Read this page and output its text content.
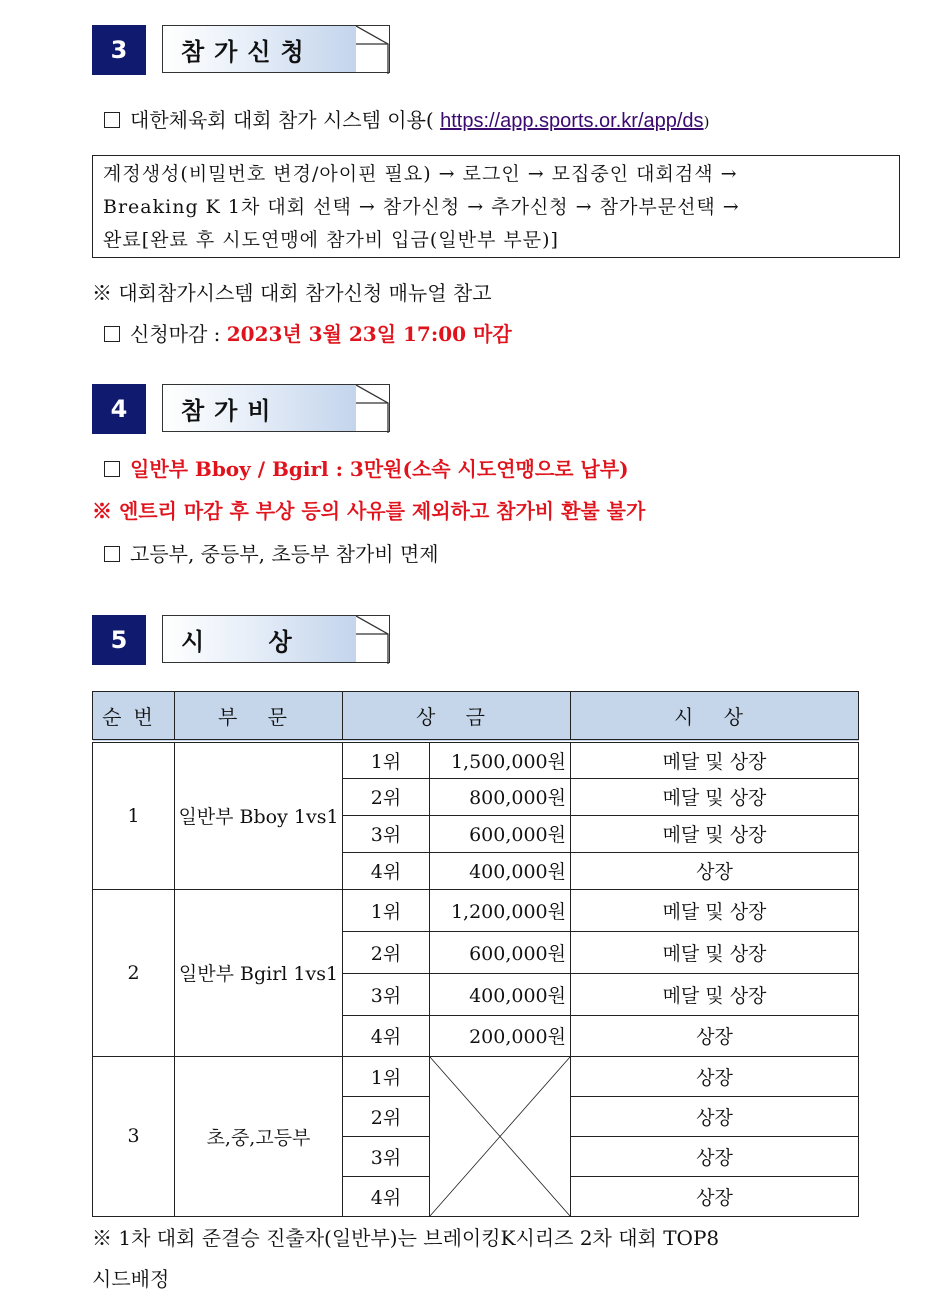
3	참가신청
대한체육회 대회 참가 시스템 이용( https://app.sports.or.kr/app/ds)
계정생성(비밀번호 변경/아이핀 필요) → 로그인 → 모집중인 대회검색 →
Breaking K 1차 대회 선택 → 참가신청 → 추가신청 → 참가부문선택 →
완료[완료 후 시도연맹에 참가비 입금(일반부 부문)]
※ 대회참가시스템 대회 참가신청 매뉴얼 참고
신청마감 : 2023년 3월 23일 17:00 마감
4	참가비
일반부 Bboy / Bgirl : 3만원(소속 시도연맹으로 납부)
※ 엔트리 마감 후 부상 등의 사유를 제외하고 참가비 환불 불가
고등부, 중등부, 초등부 참가비 면제
5	시 상
순번	부 문	상 금		시 상
1	일반부 Bboy 1vs1	1위	1,500,000원	메달 및 상장
		2위	800,000원	메달 및 상장
		3위	600,000원	메달 및 상장
		4위	400,000원	상장
2	일반부 Bgirl 1vs1	1위	1,200,000원	메달 및 상장
		2위	600,000원	메달 및 상장
		3위	400,000원	메달 및 상장
		4위	200,000원	상장
3	초,중,고등부	1위		상장
		2위		상장
		3위		상장
		4위		상장
※ 1차 대회 준결승 진출자(일반부)는 브레이킹K시리즈 2차 대회 TOP8
시드배정
